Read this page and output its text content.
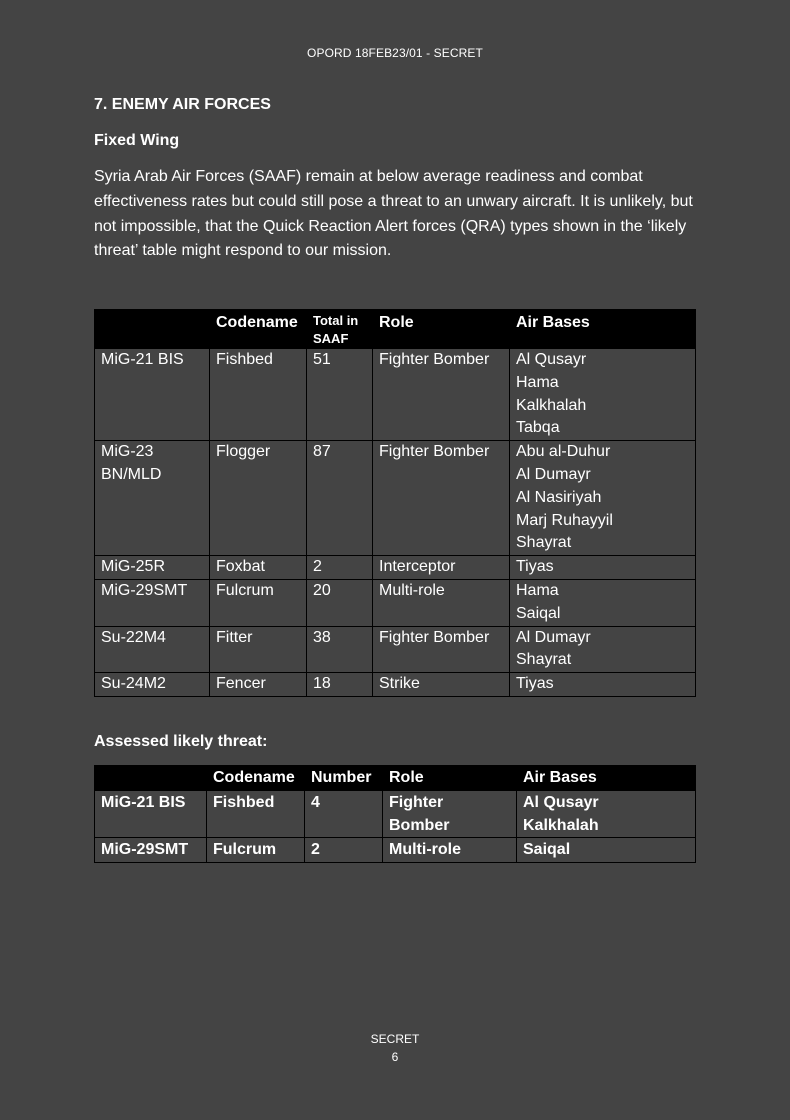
OPORD 18FEB23/01 - SECRET
7. ENEMY AIR FORCES
Fixed Wing

Syria Arab Air Forces (SAAF) remain at below average readiness and combat effectiveness rates but could still pose a threat to an unwary aircraft. It is unlikely, but not impossible, that the Quick Reaction Alert forces (QRA) types shown in the ‘likely threat’ table might respond to our mission.

	Codename	Total in SAAF	Role	Air Bases
MiG-21 BIS	Fishbed	51	Fighter Bomber	Al Qusayr
Hama
Kalkhalah
Tabqa

MiG-23 BN/MLD	Flogger	87	Fighter Bomber	Abu al-Duhur
Al Dumayr
Al Nasiriyah
Marj Ruhayyil
Shayrat

MiG-25R	Foxbat	2	Interceptor	Tiyas

MiG-29SMT	Fulcrum	20	Multi-role	Hama
Saiqal

Su-22M4	Fitter	38	Fighter Bomber	Al Dumayr
Shayrat

Su-24M2	Fencer	18	Strike	Tiyas
Assessed likely threat:
	Codename	Number	Role	Air Bases
MiG-21 BIS	Fishbed	4	Fighter Bomber	Al Qusayr
Kalkhalah

MiG-29SMT	Fulcrum	2	Multi-role	Saiqal
SECRET
6
